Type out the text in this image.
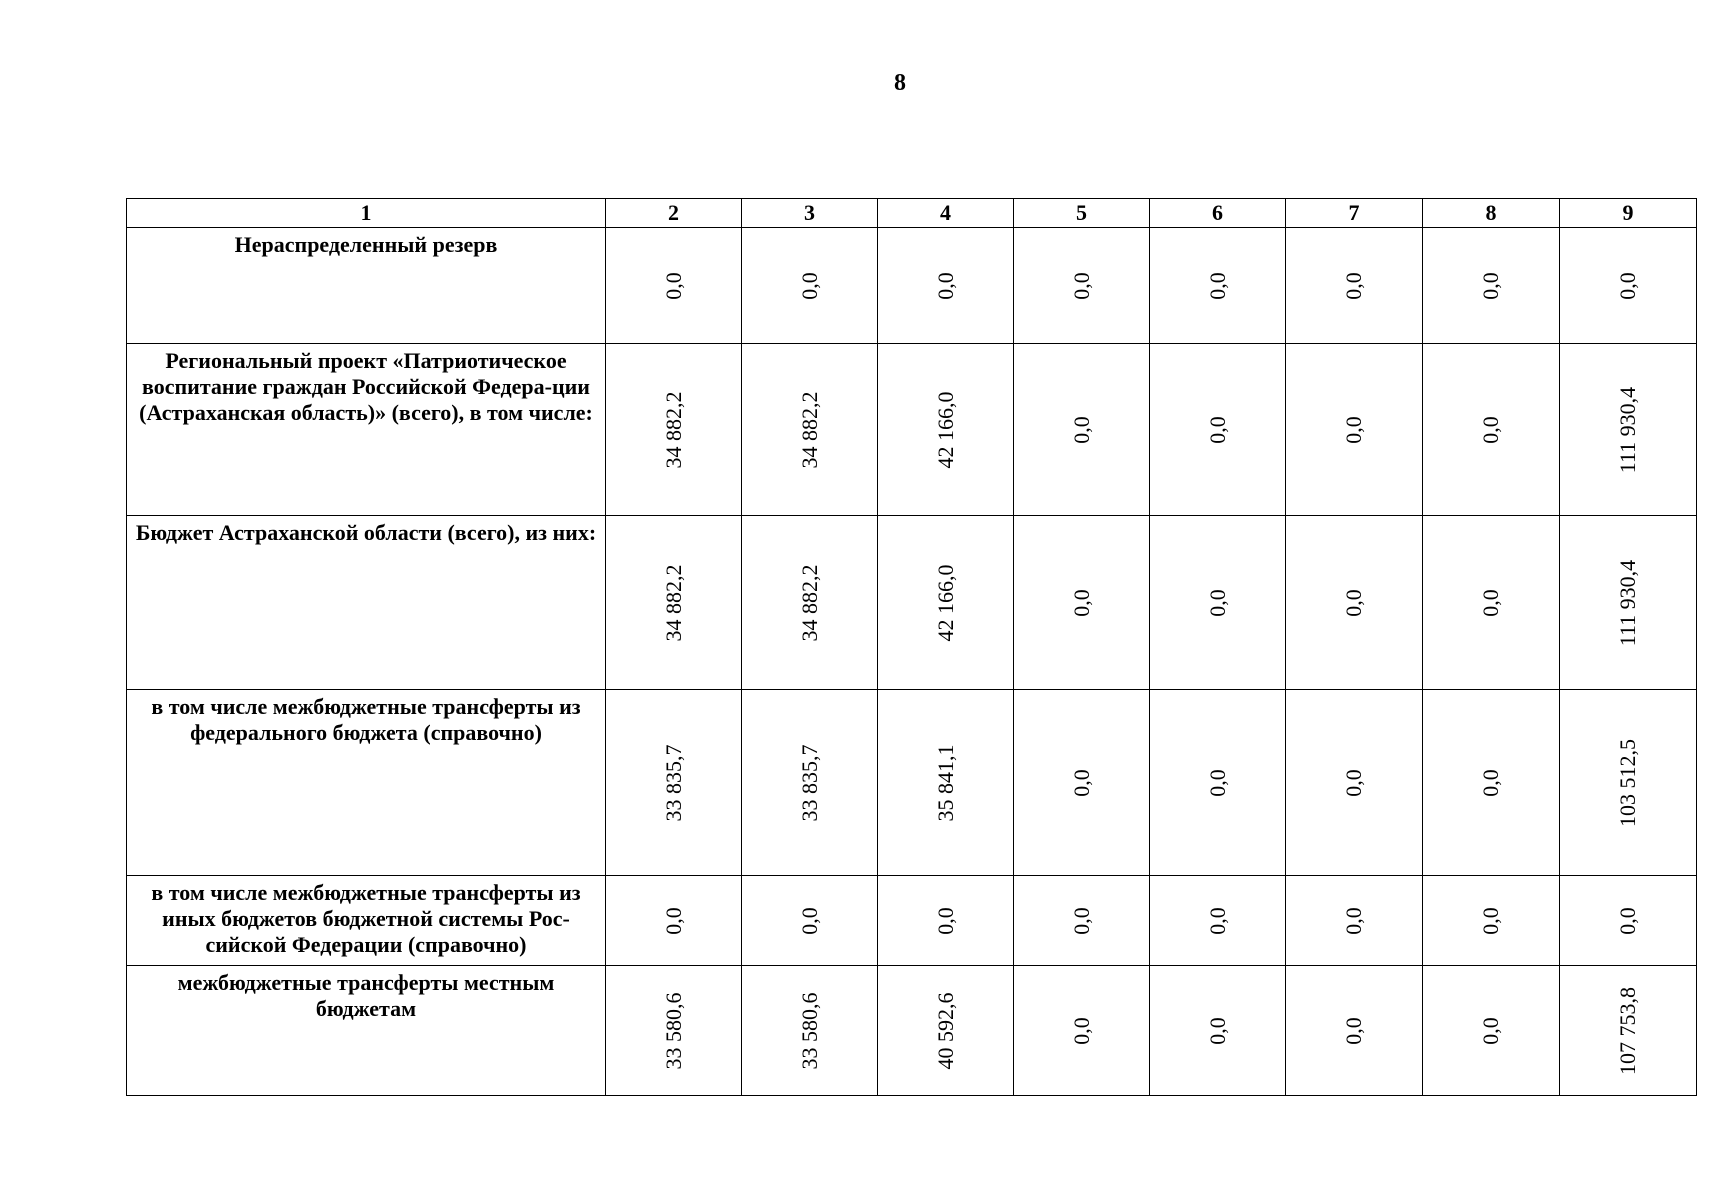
8
1	2	3	4	5	6	7	8	9
Нераспределенный резерв	0,0	0,0	0,0	0,0	0,0	0,0	0,0	0,0

Региональный проект «Патриотическое воспитание граждан Российской Федера-ции (Астраханская область)» (всего), в том числе:	34 882,2	34 882,2	42 166,0	0,0	0,0	0,0	0,0	111 930,4

Бюджет Астраханской области (всего), из них:	34 882,2	34 882,2	42 166,0	0,0	0,0	0,0	0,0	111 930,4

в том числе межбюджетные трансферты из федерального бюджета (справочно)	33 835,7	33 835,7	35 841,1	0,0	0,0	0,0	0,0	103 512,5

в том числе межбюджетные трансферты из иных бюджетов бюджетной системы Рос-сийской Федерации (справочно)	0,0	0,0	0,0	0,0	0,0	0,0	0,0	0,0

межбюджетные трансферты местным бюджетам	33 580,6	33 580,6	40 592,6	0,0	0,0	0,0	0,0	107 753,8
